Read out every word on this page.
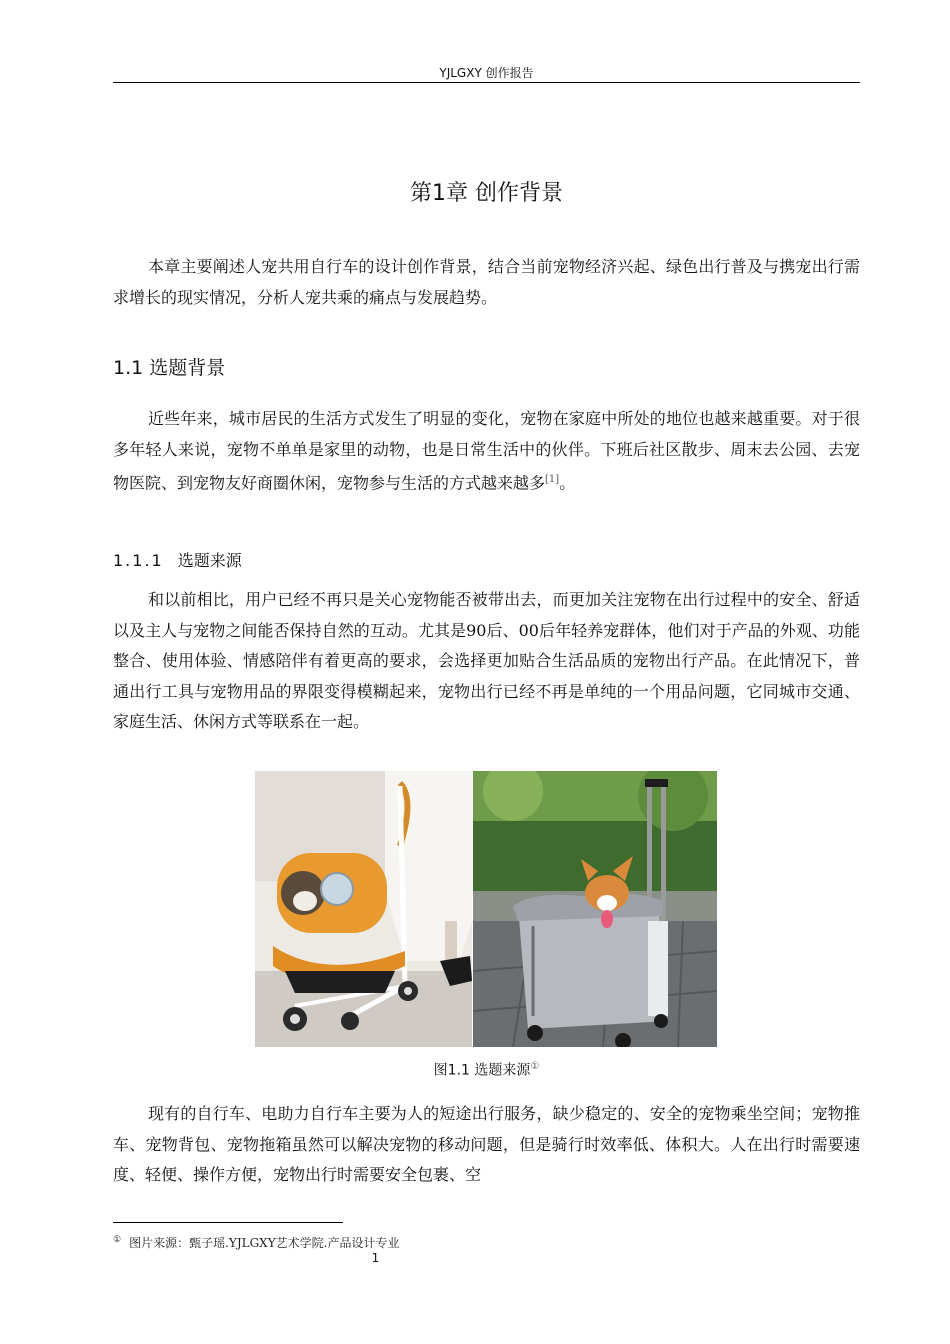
YJLGXY 创作报告
第1章 创作背景

本章主要阐述人宠共用自行车的设计创作背景，结合当前宠物经济兴起、绿色出行普及与携宠出行需求增长的现实情况，分析人宠共乘的痛点与发展趋势。

1.1 选题背景

近些年来，城市居民的生活方式发生了明显的变化，宠物在家庭中所处的地位也越来越重要。对于很多年轻人来说，宠物不单单是家里的动物，也是日常生活中的伙伴。下班后社区散步、周末去公园、去宠物医院、到宠物友好商圈休闲，宠物参与生活的方式越来越多[1]。

1.1.1 选题来源

和以前相比，用户已经不再只是关心宠物能否被带出去，而更加关注宠物在出行过程中的安全、舒适以及主人与宠物之间能否保持自然的互动。尤其是90后、00后年轻养宠群体，他们对于产品的外观、功能整合、使用体验、情感陪伴有着更高的要求，会选择更加贴合生活品质的宠物出行产品。在此情况下，普通出行工具与宠物用品的界限变得模糊起来，宠物出行已经不再是单纯的一个用品问题，它同城市交通、家庭生活、休闲方式等联系在一起。

图1.1 选题来源①

现有的自行车、电助力自行车主要为人的短途出行服务，缺少稳定的、安全的宠物乘坐空间；宠物推车、宠物背包、宠物拖箱虽然可以解决宠物的移动问题，但是骑行时效率低、体积大。人在出行时需要速度、轻便、操作方便，宠物出行时需要安全包裹、空

① 图片来源：甄子瑶.YJLGXY艺术学院.产品设计专业
1
